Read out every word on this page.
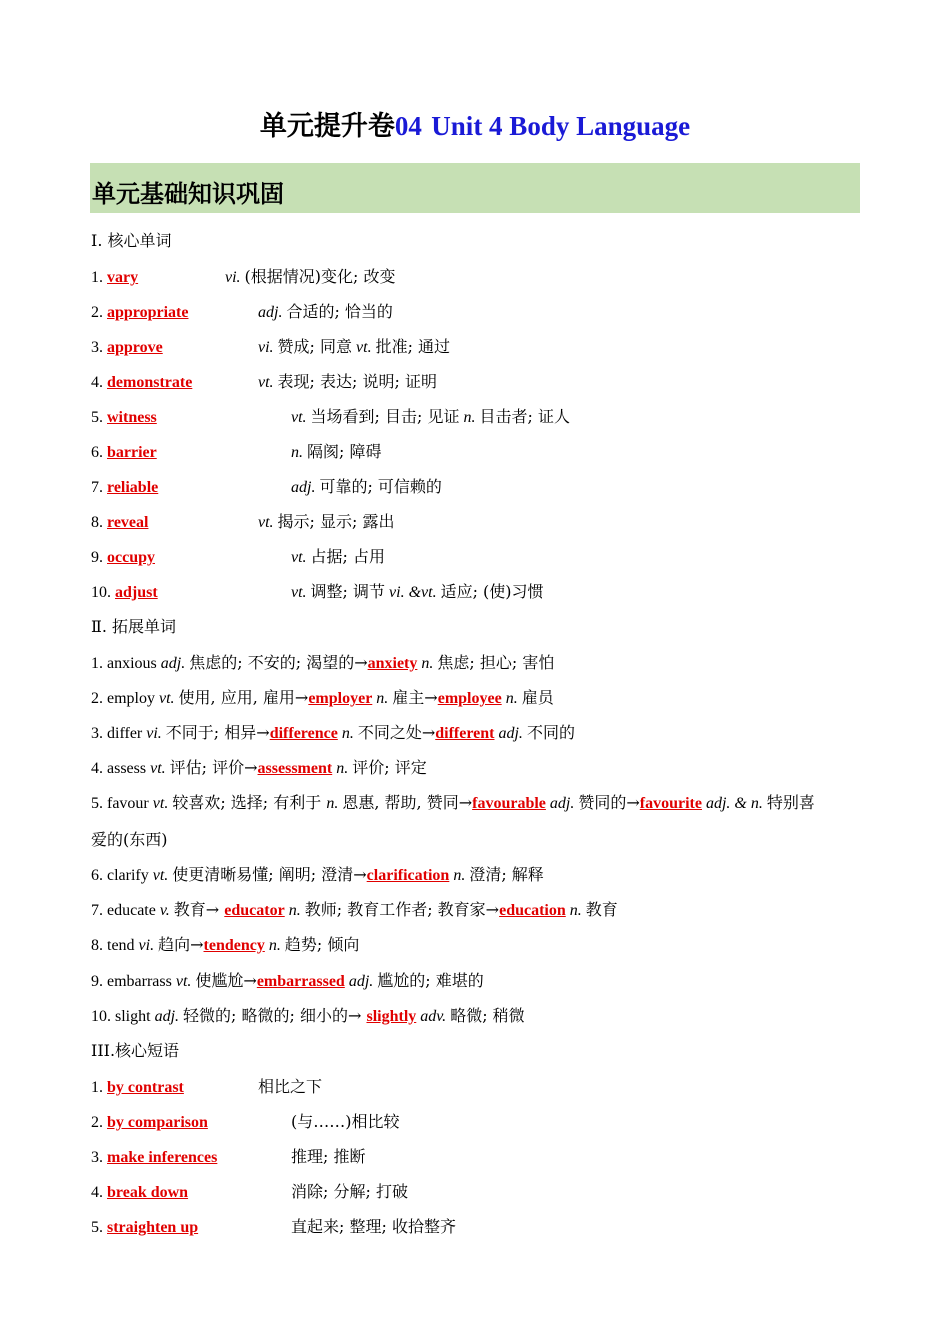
单元提升卷04 Unit 4 Body Language
单元基础知识巩固
I. 核心单词
1. vary	vi. (根据情况)变化; 改变
2. appropriate	adj. 合适的; 恰当的
3. approve	vi. 赞成; 同意 vt. 批准; 通过
4. demonstrate	vt. 表现; 表达; 说明; 证明
5. witness	vt. 当场看到; 目击; 见证 n. 目击者; 证人
6. barrier	n. 隔阂; 障碍
7. reliable	adj. 可靠的; 可信赖的
8. reveal	vt. 揭示; 显示; 露出
9. occupy	vt. 占据; 占用
10. adjust	vt. 调整; 调节 vi. &vt. 适应; (使)习惯
Ⅱ. 拓展单词
1. anxious adj. 焦虑的; 不安的; 渴望的→anxiety n. 焦虑; 担心; 害怕
2. employ vt. 使用, 应用, 雇用→employer n. 雇主→employee n. 雇员
3. differ vi. 不同于; 相异→difference n. 不同之处→different adj. 不同的
4. assess vt. 评估; 评价→assessment n. 评价; 评定
5. favour vt. 较喜欢; 选择; 有利于 n. 恩惠, 帮助, 赞同→favourable adj. 赞同的→favourite adj. & n. 特别喜
爱的(东西)
6. clarify vt. 使更清晰易懂; 阐明; 澄清→clarification n. 澄清; 解释
7. educate v. 教育→ educator n. 教师; 教育工作者; 教育家→education n. 教育
8. tend vi. 趋向→tendency n. 趋势; 倾向
9. embarrass vt. 使尴尬→embarrassed adj. 尴尬的; 难堪的
10. slight adj. 轻微的; 略微的; 细小的→ slightly adv. 略微; 稍微
III.核心短语
1. by contrast	相比之下
2. by comparison	(与……)相比较
3. make inferences	推理; 推断
4. break down	消除; 分解; 打破
5. straighten up	直起来; 整理; 收拾整齐
